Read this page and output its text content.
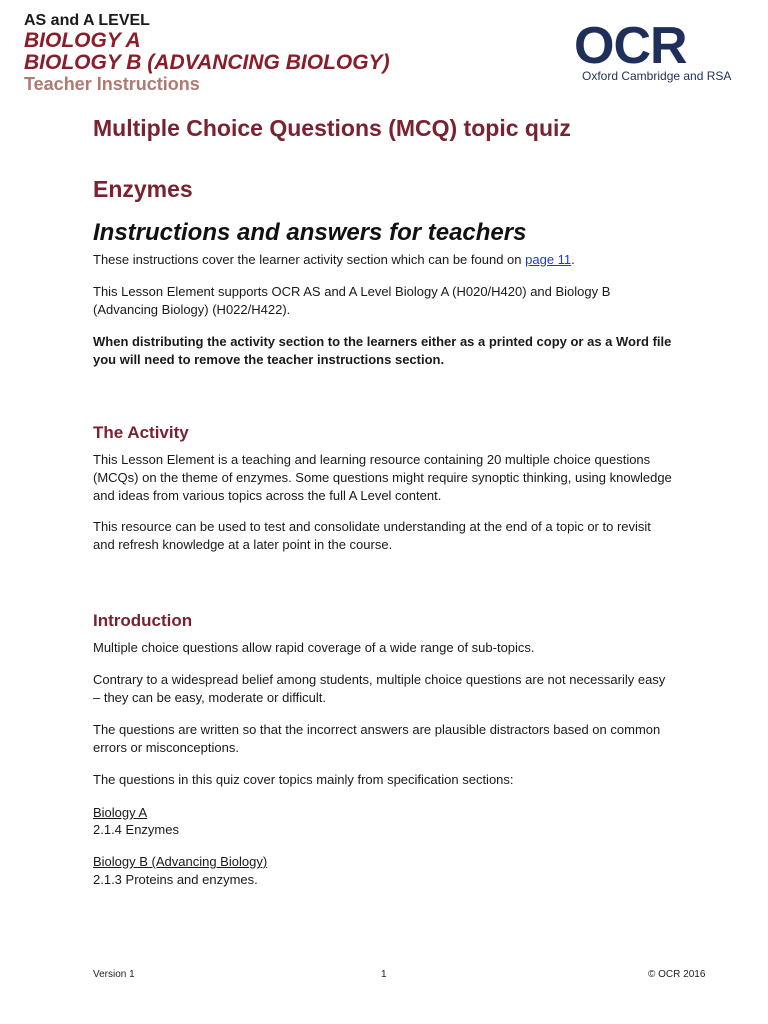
AS and A LEVEL
BIOLOGY A
BIOLOGY B (ADVANCING BIOLOGY)
Teacher Instructions
OCR
Oxford Cambridge and RSA
Multiple Choice Questions (MCQ) topic quiz
Enzymes
Instructions and answers for teachers
These instructions cover the learner activity section which can be found on page 11.
This Lesson Element supports OCR AS and A Level Biology A (H020/H420) and Biology B (Advancing Biology) (H022/H422).
When distributing the activity section to the learners either as a printed copy or as a Word file you will need to remove the teacher instructions section.
The Activity
This Lesson Element is a teaching and learning resource containing 20 multiple choice questions (MCQs) on the theme of enzymes. Some questions might require synoptic thinking, using knowledge and ideas from various topics across the full A Level content.
This resource can be used to test and consolidate understanding at the end of a topic or to revisit and refresh knowledge at a later point in the course.
Introduction
Multiple choice questions allow rapid coverage of a wide range of sub-topics.
Contrary to a widespread belief among students, multiple choice questions are not necessarily easy – they can be easy, moderate or difficult.
The questions are written so that the incorrect answers are plausible distractors based on common errors or misconceptions.
The questions in this quiz cover topics mainly from specification sections:
Biology A
2.1.4 Enzymes
Biology B (Advancing Biology)
2.1.3 Proteins and enzymes.
Version 1	1	© OCR 2016
